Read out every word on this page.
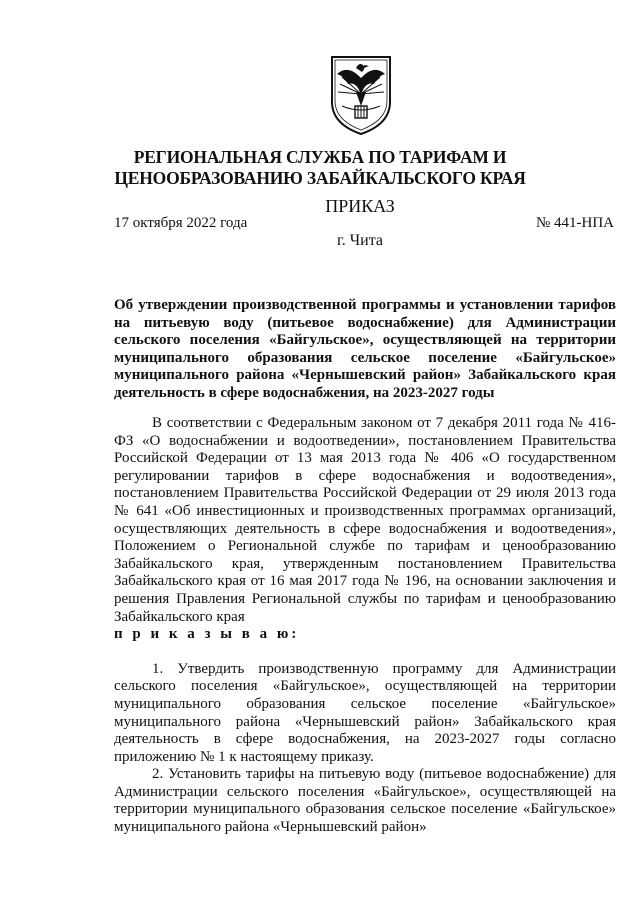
РЕГИОНАЛЬНАЯ СЛУЖБА ПО ТАРИФАМ И
ЦЕНООБРАЗОВАНИЮ ЗАБАЙКАЛЬСКОГО КРАЯ
ПРИКАЗ
17 октября 2022 года	№ 441-НПА
г. Чита
Об утверждении производственной программы и установлении тарифов на питьевую воду (питьевое водоснабжение) для Администрации сельского поселения «Байгульское», осуществляющей на территории муниципального образования сельское поселение «Байгульское» муниципального района «Чернышевский район» Забайкальского края деятельность в сфере водоснабжения, на 2023-2027 годы

В соответствии с Федеральным законом от 7 декабря 2011 года № 416-ФЗ «О водоснабжении и водоотведении», постановлением Правительства Российской Федерации от 13 мая 2013 года № 406 «О государственном регулировании тарифов в сфере водоснабжения и водоотведения», постановлением Правительства Российской Федерации от 29 июля 2013 года № 641 «Об инвестиционных и производственных программах организаций, осуществляющих деятельность в сфере водоснабжения и водоотведения», Положением о Региональной службе по тарифам и ценообразованию Забайкальского края, утвержденным постановлением Правительства Забайкальского края от 16 мая 2017 года № 196, на основании заключения и решения Правления Региональной службы по тарифам и ценообразованию Забайкальского края

п р и к а з ы в а ю:

1. Утвердить производственную программу для Администрации сельского поселения «Байгульское», осуществляющей на территории муниципального образования сельское поселение «Байгульское» муниципального района «Чернышевский район» Забайкальского края деятельность в сфере водоснабжения, на 2023-2027 годы согласно приложению № 1 к настоящему приказу.

2. Установить тарифы на питьевую воду (питьевое водоснабжение) для Администрации сельского поселения «Байгульское», осуществляющей на территории муниципального образования сельское поселение «Байгульское» муниципального района «Чернышевский район»
